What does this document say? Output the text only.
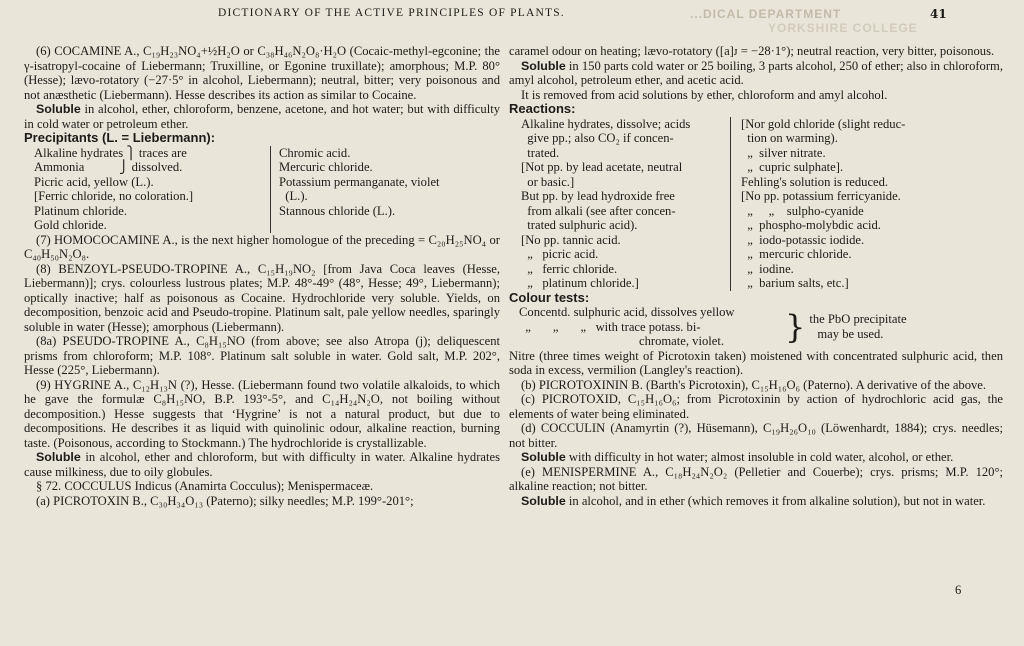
DICTIONARY OF THE ACTIVE PRINCIPLES OF PLANTS.	...DICAL DEPARTMENT
YORKSHIRE COLLEGE
41

(6) COCAMINE A., C₁₉H₂₃NO₄+½H₂O or C₃₈H₄₆N₂O₈·H₂O (Cocaic-methyl-egconine; the γ-isatropyl-cocaine of Liebermann; Truxilline, or Egonine truxillate); amorphous; M.P. 80° (Hesse); lævo-rotatory (−27·5° in alcohol, Liebermann); neutral, bitter; very poisonous and not anæsthetic (Liebermann). Hesse describes its action as similar to Cocaine.

Soluble in alcohol, ether, chloroform, benzene, acetone, and hot water; but with difficulty in cold water or petroleum ether.

Precipitants (L. = Liebermann):
Alkaline hydrates ⎫ traces are
Ammonia           ⎭ dissolved.
Picric acid, yellow (L.).
[Ferric chloride, no coloration.]
Platinum chloride.
Gold chloride.
Chromic acid.
Mercuric chloride.
Potassium permanganate, violet
(L.).
Stannous chloride (L.).

(7) HOMOCOCAMINE A., is the next higher homologue of the preceding = C₂₀H₂₅NO₄ or C₄₀H₅₀N₂O₈.

(8) BENZOYL-PSEUDO-TROPINE A., C₁₅H₁₉NO₂ [from Java Coca leaves (Hesse, Liebermann)]; crys. colourless lustrous plates; M.P. 48°-49° (48°, Hesse; 49°, Liebermann); optically inactive; half as poisonous as Cocaine. Hydrochloride very soluble. Yields, on decomposition, benzoic acid and Pseudo-tropine. Platinum salt, pale yellow needles, sparingly soluble in water (Hesse); amorphous (Liebermann).

(8a) PSEUDO-TROPINE A., C₈H₁₅NO (from above; see also Atropa (j); deliquescent prisms from chloroform; M.P. 108°. Platinum salt soluble in water. Gold salt, M.P. 202°, Hesse (225°, Liebermann).

(9) HYGRINE A., C₁₂H₁₃N (?), Hesse. (Liebermann found two volatile alkaloids, to which he gave the formulæ C₈H₁₅NO, B.P. 193°-5°, and C₁₄H₂₄N₂O, not boiling without decomposition.) Hesse suggests that ‘Hygrine’ is not a natural product, but due to decompositions. He describes it as liquid with quinolinic odour, alkaline reaction, burning taste. (Poisonous, according to Stockmann.) The hydrochloride is crystallizable.

Soluble in alcohol, ether and chloroform, but with difficulty in water. Alkaline hydrates cause milkiness, due to oily globules.

§ 72. COCCULUS Indicus (Anamirta Cocculus); Menispermaceæ.

(a) PICROTOXIN B., C₃₀H₃₄O₁₃ (Paterno); silky needles; M.P. 199°-201°;

caramel odour on heating; lævo-rotatory ([a]ᴊ = −28·1°); neutral reaction, very bitter, poisonous.

Soluble in 150 parts cold water or 25 boiling, 3 parts alcohol, 250 of ether; also in chloroform, amyl alcohol, petroleum ether, and acetic acid.

It is removed from acid solutions by ether, chloroform and amyl alcohol.

Reactions:
Alkaline hydrates, dissolve; acids
give pp.; also CO₂ if concen-
trated.
[Not pp. by lead acetate, neutral
or basic.]
But pp. by lead hydroxide free
from alkali (see after concen-
trated sulphuric acid).
[No pp. tannic acid.
„   picric acid.
„   ferric chloride.
„   platinum chloride.]
[Nor gold chloride (slight reduc-
tion on warming).
„  silver nitrate.
„  cupric sulphate].
Fehling's solution is reduced.
[No pp. potassium ferricyanide.
„     „    sulpho-cyanide
„  phospho-molybdic acid.
„  iodo-potassic iodide.
„  mercuric chloride.
„  iodine.
„  barium salts, etc.]
Colour tests:
Concentd. sulphuric acid, dissolves yellow
„       „       „   with trace potass. bi-
chromate, violet.	} the PbO precipitate
may be used.

Nitre (three times weight of Picrotoxin taken) moistened with concentrated sulphuric acid, then soda in excess, vermilion (Langley's reaction).

(b) PICROTOXININ B. (Barth's Picrotoxin), C₁₅H₁₆O₆ (Paterno). A derivative of the above.

(c) PICROTOXID, C₁₅H₁₆O₆; from Picrotoxinin by action of hydrochloric acid gas, the elements of water being eliminated.

(d) COCCULIN (Anamyrtin (?), Hüsemann), C₁₉H₂₆O₁₀ (Löwenhardt, 1884); crys. needles; not bitter.

Soluble with difficulty in hot water; almost insoluble in cold water, alcohol, or ether.

(e) MENISPERMINE A., C₁₈H₂₄N₂O₂ (Pelletier and Couerbe); crys. prisms; M.P. 120°; alkaline reaction; not bitter.

Soluble in alcohol, and in ether (which removes it from alkaline solution), but not in water.

6
